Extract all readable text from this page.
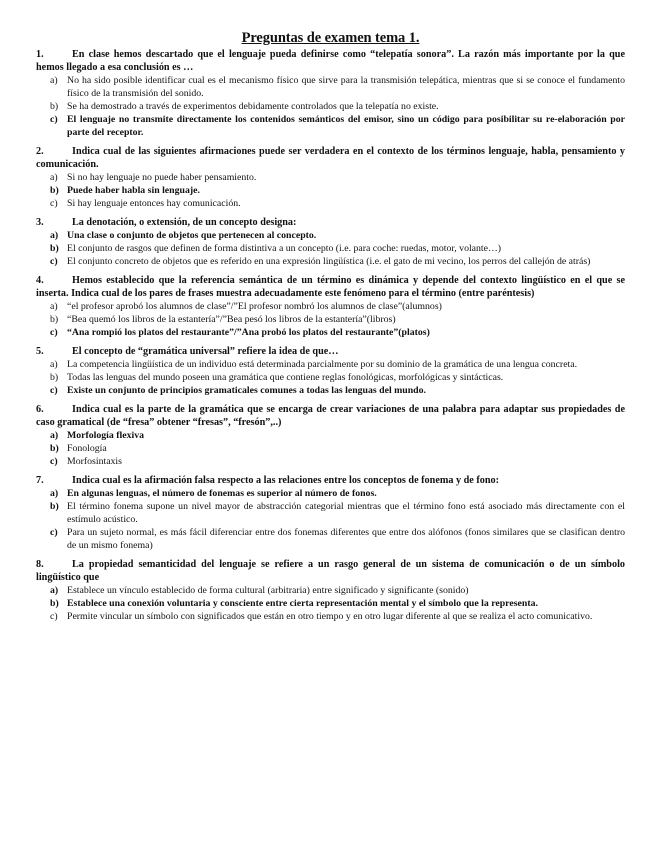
Preguntas de examen tema 1.

1.	En clase hemos descartado que el lenguaje pueda definirse como “telepatía sonora”. La razón más importante por la que hemos llegado a esa conclusión es …

a) No ha sido posible identificar cual es el mecanismo físico que sirve para la transmisión telepática, mientras que si se conoce el fundamento físico de la transmisión del sonido.
b) Se ha demostrado a través de experimentos debidamente controlados que la telepatía no existe.
c) El lenguaje no transmite directamente los contenidos semánticos del emisor, sino un código para posibilitar su re-elaboración por parte del receptor.

2.	Indica cual de las siguientes afirmaciones puede ser verdadera en el contexto de los términos lenguaje, habla, pensamiento y comunicación.

a) Si no hay lenguaje no puede haber pensamiento.
b) Puede haber habla sin lenguaje.
c) Si hay lenguaje entonces hay comunicación.

3.	La denotación, o extensión, de un concepto designa:

a) Una clase o conjunto de objetos que pertenecen al concepto.
b) El conjunto de rasgos que definen de forma distintiva a un concepto (i.e. para coche: ruedas, motor, volante…)
c) El conjunto concreto de objetos que es referido en una expresión lingüística (i.e. el gato de mi vecino, los perros del callejón de atrás)

4.	Hemos establecido que la referencia semántica de un término es dinámica y depende del contexto lingüístico en el que se inserta. Indica cual de los pares de frases muestra adecuadamente este fenómeno para el término (entre paréntesis)

a) “el profesor aprobó los alumnos de clase”/”El profesor nombró los alumnos de clase”(alumnos)
b) “Bea quemó los libros de la estantería”/”Bea pesó los libros de la estantería”(libros)
c) “Ana rompió los platos del restaurante”/”Ana probó los platos del restaurante”(platos)

5.	El concepto de “gramática universal” refiere la idea de que…

a) La competencia lingüística de un individuo está determinada parcialmente por su dominio de la gramática de una lengua concreta.
b) Todas las lenguas del mundo poseen una gramática que contiene reglas fonológicas, morfológicas y sintácticas.
c) Existe un conjunto de principios gramaticales comunes a todas las lenguas del mundo.

6.	Indica cual es la parte de la gramática que se encarga de crear variaciones de una palabra para adaptar sus propiedades de caso gramatical (de “fresa” obtener “fresas”, “fresón”,..)

a) Morfología flexiva
b) Fonología
c) Morfosintaxis

7.	Indica cual es la afirmación falsa respecto a las relaciones entre los conceptos de fonema y de fono:

a) En algunas lenguas, el número de fonemas es superior al número de fonos.
b) El término fonema supone un nivel mayor de abstracción categorial mientras que el término fono está asociado más directamente con el estímulo acústico.
c) Para un sujeto normal, es más fácil diferenciar entre dos fonemas diferentes que entre dos alófonos (fonos similares que se clasifican dentro de un mismo fonema)

8.	La propiedad semanticidad del lenguaje se refiere a un rasgo general de un sistema de comunicación o de un símbolo lingüístico que

a) Establece un vínculo establecido de forma cultural (arbitraria) entre significado y significante (sonido)
b) Establece una conexión voluntaria y consciente entre cierta representación mental y el símbolo que la representa.
c) Permite vincular un símbolo con significados que están en otro tiempo y en otro lugar diferente al que se realiza el acto comunicativo.
